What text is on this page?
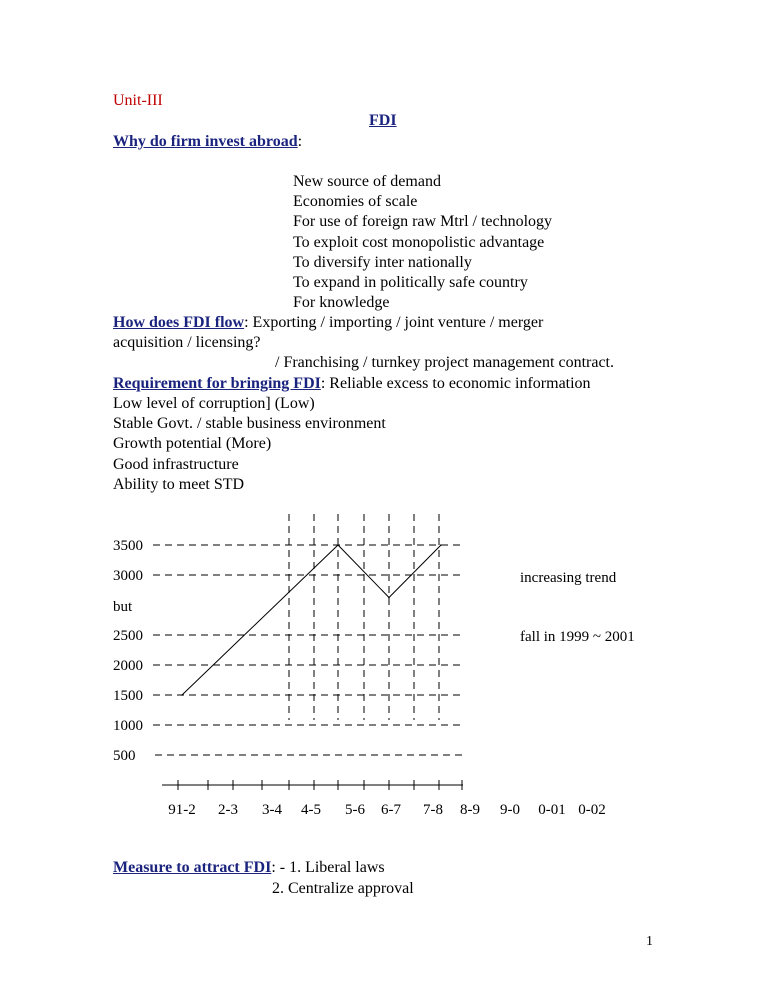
Unit-III
FDI
Why do firm invest abroad:
New source of demand
Economies of scale
For use of foreign raw Mtrl / technology
To exploit cost monopolistic advantage
To diversify inter nationally
To expand in politically safe country
For knowledge
How does FDI flow: Exporting / importing / joint venture / merger
acquisition / licensing?
/ Franchising / turnkey project management contract.
Requirement for bringing FDI: Reliable excess to economic information
Low level of corruption] (Low)
Stable Govt. / stable business environment
Growth potential (More)
Good infrastructure
Ability to meet STD
3500
3000
2500
2000
1500
1000
500
91-2 2-3 3-4 4-5 5-6 6-7 7-8 8-9 9-0 0-01 0-02
increasing trend
but
fall in 1999 ~ 2001
Measure to attract FDI: - 1. Liberal laws
2. Centralize approval
1
